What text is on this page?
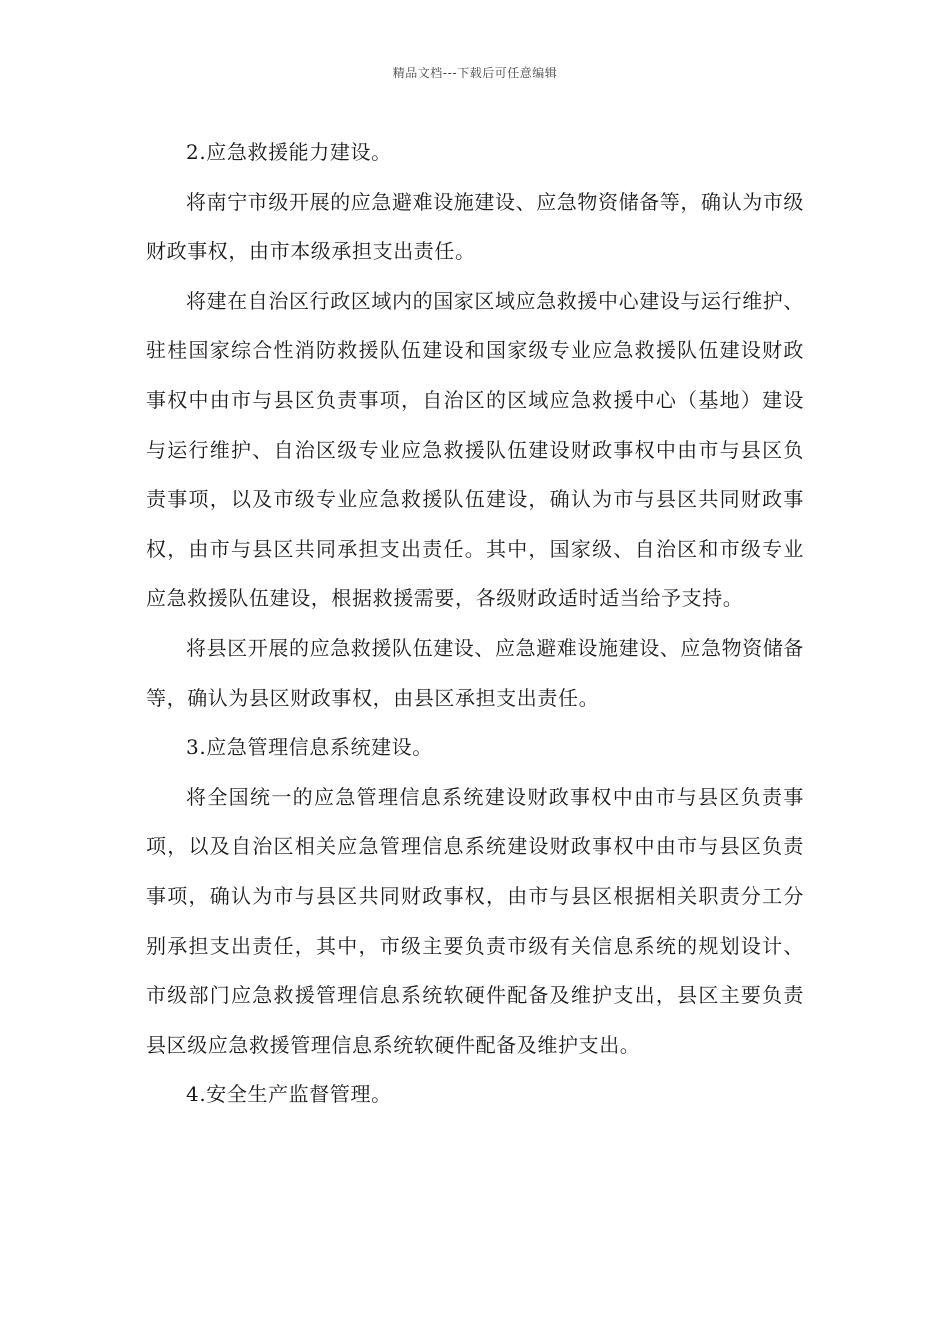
精品文档---下载后可任意编辑

2.应急救援能力建设。

将南宁市级开展的应急避难设施建设、应急物资储备等，确认为市级财政事权，由市本级承担支出责任。

将建在自治区行政区域内的国家区域应急救援中心建设与运行维护、驻桂国家综合性消防救援队伍建设和国家级专业应急救援队伍建设财政事权中由市与县区负责事项，自治区的区域应急救援中心（基地）建设与运行维护、自治区级专业应急救援队伍建设财政事权中由市与县区负责事项，以及市级专业应急救援队伍建设，确认为市与县区共同财政事权，由市与县区共同承担支出责任。其中，国家级、自治区和市级专业应急救援队伍建设，根据救援需要，各级财政适时适当给予支持。

将县区开展的应急救援队伍建设、应急避难设施建设、应急物资储备等，确认为县区财政事权，由县区承担支出责任。

3.应急管理信息系统建设。

将全国统一的应急管理信息系统建设财政事权中由市与县区负责事项，以及自治区相关应急管理信息系统建设财政事权中由市与县区负责事项，确认为市与县区共同财政事权，由市与县区根据相关职责分工分别承担支出责任，其中，市级主要负责市级有关信息系统的规划设计、市级部门应急救援管理信息系统软硬件配备及维护支出，县区主要负责县区级应急救援管理信息系统软硬件配备及维护支出。

4.安全生产监督管理。
